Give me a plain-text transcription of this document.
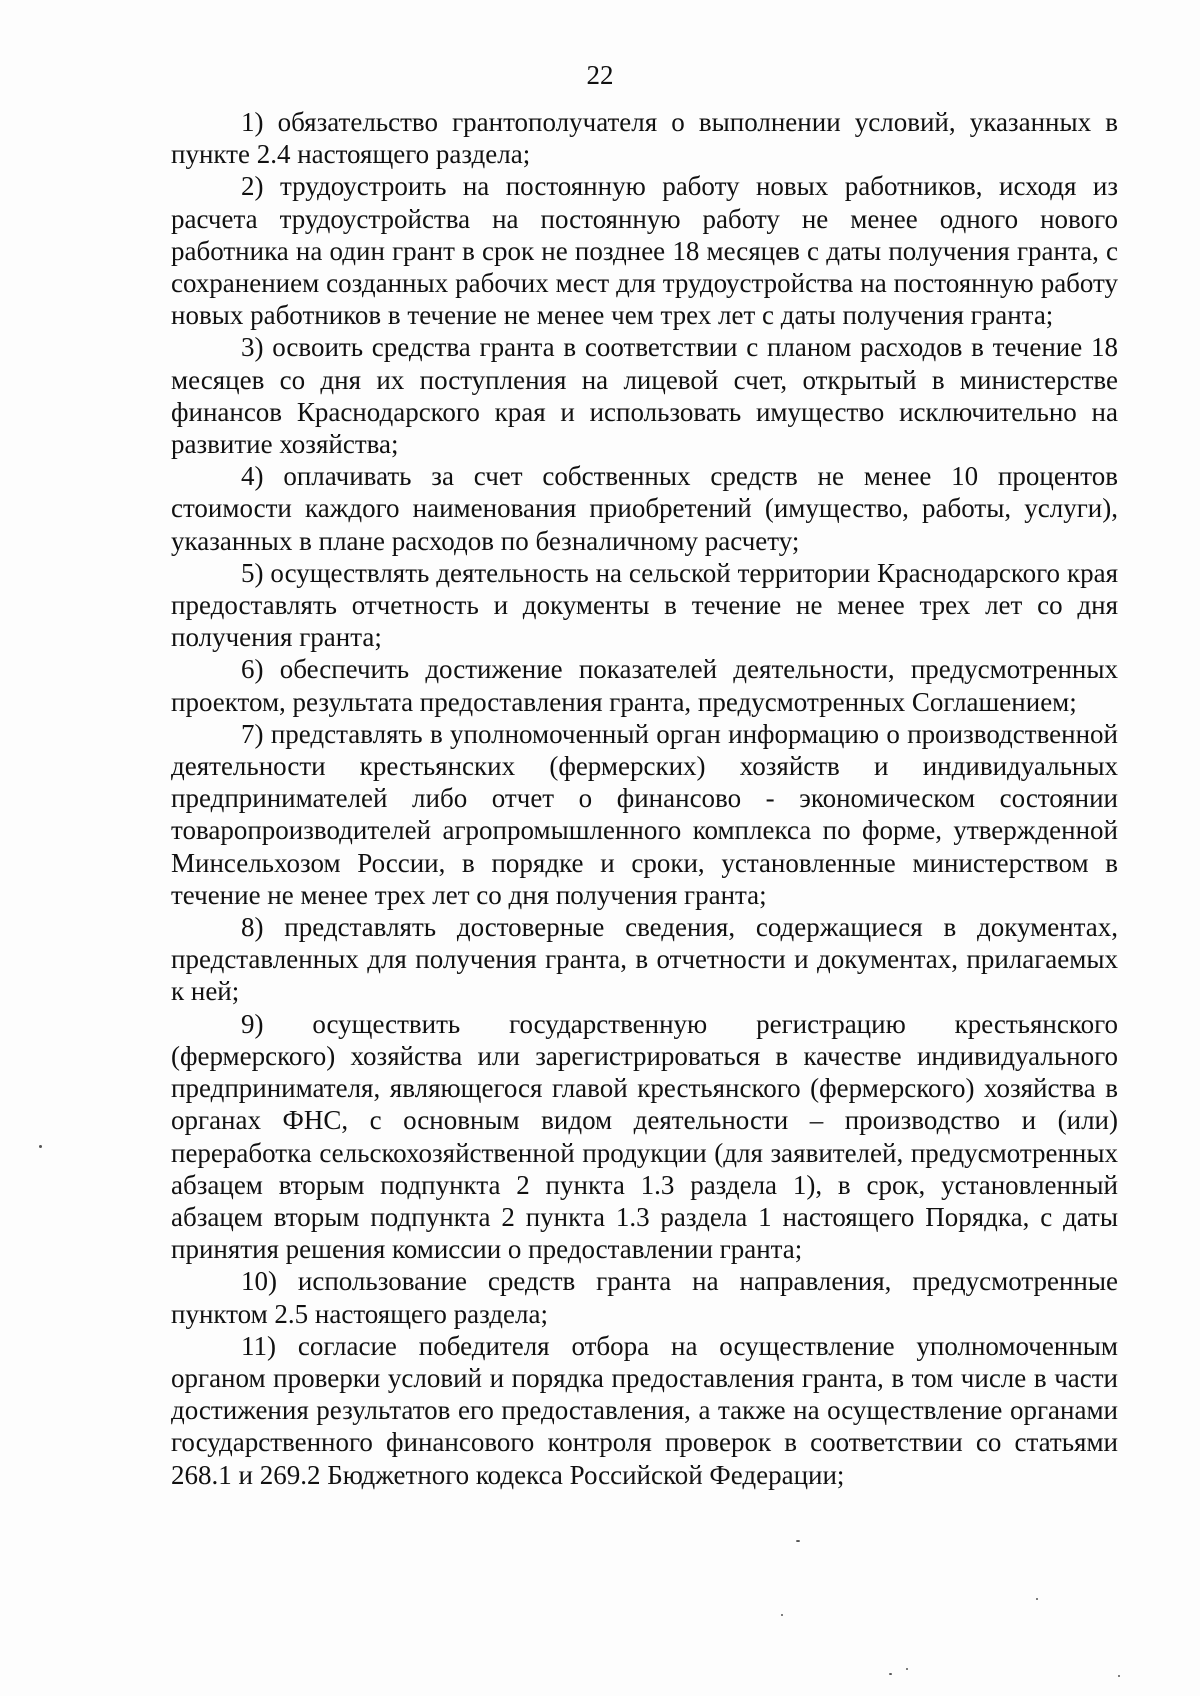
22

1) обязательство грантополучателя о выполнении условий, указанных в пункте 2.4 настоящего раздела;

2) трудоустроить на постоянную работу новых работников, исходя из расчета трудоустройства на постоянную работу не менее одного нового работника на один грант в срок не позднее 18 месяцев с даты получения гранта, с сохранением созданных рабочих мест для трудоустройства на постоянную работу новых работников в течение не менее чем трех лет с даты получения гранта;

3) освоить средства гранта в соответствии с планом расходов в течение 18 месяцев со дня их поступления на лицевой счет, открытый в министерстве финансов Краснодарского края и использовать имущество исключительно на развитие хозяйства;

4) оплачивать за счет собственных средств не менее 10 процентов стоимости каждого наименования приобретений (имущество, работы, услуги), указанных в плане расходов по безналичному расчету;

5) осуществлять деятельность на сельской территории Краснодарского края предоставлять отчетность и документы в течение не менее трех лет со дня получения гранта;

6) обеспечить достижение показателей деятельности, предусмотренных проектом, результата предоставления гранта, предусмотренных Соглашением;

7) представлять в уполномоченный орган информацию о производственной деятельности крестьянских (фермерских) хозяйств и индивидуальных предпринимателей либо отчет о финансово - экономическом состоянии товаропроизводителей агропромышленного комплекса по форме, утвержденной Минсельхозом России, в порядке и сроки, установленные министерством в течение не менее трех лет со дня получения гранта;

8) представлять достоверные сведения, содержащиеся в документах, представленных для получения гранта, в отчетности и документах, прилагаемых к ней;

9) осуществить государственную регистрацию крестьянского (фермерского) хозяйства или зарегистрироваться в качестве индивидуального предпринимателя, являющегося главой крестьянского (фермерского) хозяйства в органах ФНС, с основным видом деятельности – производство и (или) переработка сельскохозяйственной продукции (для заявителей, предусмотренных абзацем вторым подпункта 2 пункта 1.3 раздела 1), в срок, установленный абзацем вторым подпункта 2 пункта 1.3 раздела 1 настоящего Порядка, с даты принятия решения комиссии о предоставлении гранта;

10) использование средств гранта на направления, предусмотренные пунктом 2.5 настоящего раздела;

11) согласие победителя отбора на осуществление уполномоченным органом проверки условий и порядка предоставления гранта, в том числе в части достижения результатов его предоставления, а также на осуществление органами государственного финансового контроля проверок в соответствии со статьями 268.1 и 269.2 Бюджетного кодекса Российской Федерации;
